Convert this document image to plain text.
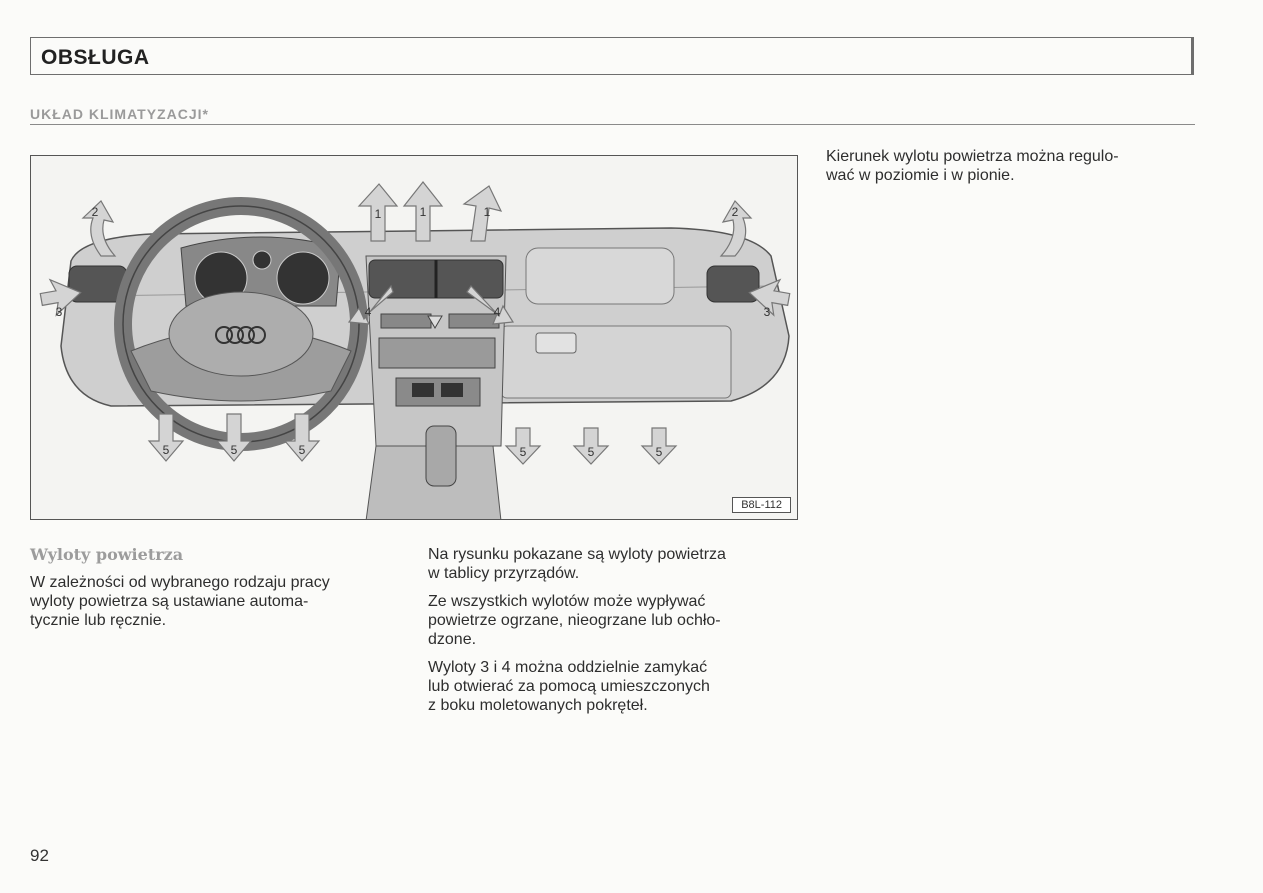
OBSŁUGA
UKŁAD KLIMATYZACJI*
1	1	1
2	2
3	3
4	4
5	5	5	5	5	5
B8L-112
Wyloty powietrza

W zależności od wybranego rodzaju pracy

wyloty powietrza są ustawiane automa-

tycznie lub ręcznie.

Na rysunku pokazane są wyloty powietrza

w tablicy przyrządów.

Ze wszystkich wylotów może wypływać

powietrze ogrzane, nieogrzane lub ochło-

dzone.

Wyloty 3 i 4 można oddzielnie zamykać

lub otwierać za pomocą umieszczonych

z boku moletowanych pokręteł.

Kierunek wylotu powietrza można regulo-

wać w poziomie i w pionie.

92
